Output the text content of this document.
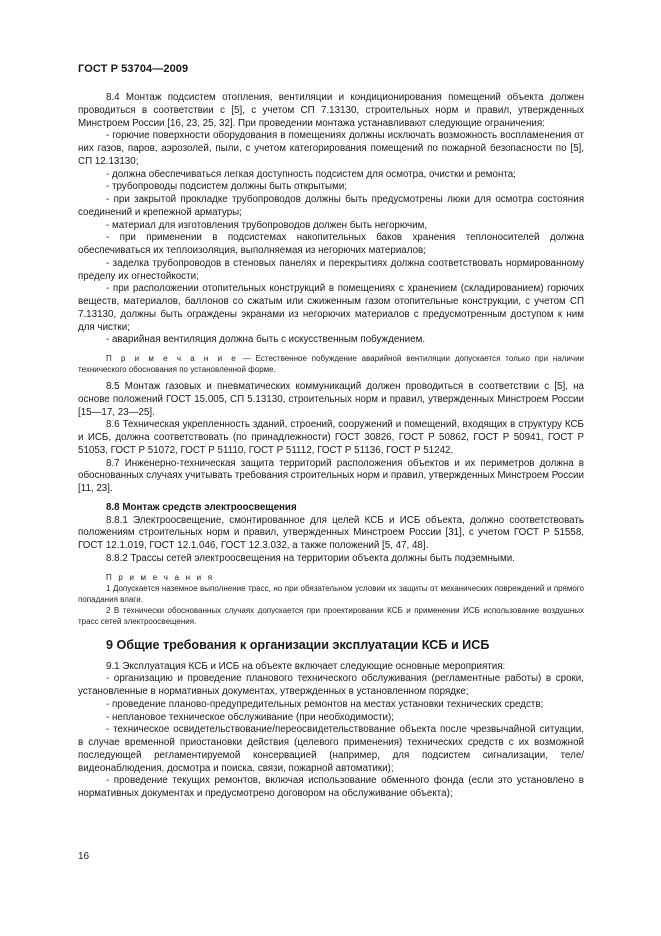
ГОСТ Р 53704—2009

8.4 Монтаж подсистем отопления, вентиляции и кондиционирования помещений объекта должен проводиться в соответствии с [5], с учетом СП 7.13130, строительных норм и правил, утвержденных Минстроем России [16, 23, 25, 32]. При проведении монтажа устанавливают следующие ограничения:

- горючие поверхности оборудования в помещениях должны исключать возможность воспламенения от них газов, паров, аэрозолей, пыли, с учетом категорирования помещений по пожарной безопасности по [5], СП 12.13130;

- должна обеспечиваться легкая доступность подсистем для осмотра, очистки и ремонта;

- трубопроводы подсистем должны быть открытыми;

- при закрытой прокладке трубопроводов должны быть предусмотрены люки для осмотра состояния соединений и крепежной арматуры;

- материал для изготовления трубопроводов должен быть негорючим,

- при применении в подсистемах накопительных баков хранения теплоносителей должна обеспечиваться их теплоизоляция, выполняемая из негорючих материалов;

- заделка трубопроводов в стеновых панелях и перекрытиях должна соответствовать нормированному пределу их огнестойкости;

- при расположении отопительных конструкций в помещениях с хранением (складированием) горючих веществ, материалов, баллонов со сжатым или сжиженным газом отопительные конструкции, с учетом СП 7.13130, должны быть ограждены экранами из негорючих материалов с предусмотренным доступом к ним для чистки;

- аварийная вентиляция должна быть с искусственным побуждением.

П р и м е ч а н и е — Естественное побуждение аварийной вентиляции допускается только при наличии технического обоснования по установленной форме.

8.5 Монтаж газовых и пневматических коммуникаций должен проводиться в соответствии с [5], на основе положений ГОСТ 15.005, СП 5.13130, строительных норм и правил, утвержденных Минстроем России [15—17, 23—25].

8.6 Техническая укрепленность зданий, строений, сооружений и помещений, входящих в структуру КСБ и ИСБ, должна соответствовать (по принадлежности) ГОСТ 30826, ГОСТ Р 50862, ГОСТ Р 50941, ГОСТ Р 51053, ГОСТ Р 51072, ГОСТ Р 51110, ГОСТ Р 51112, ГОСТ Р 51136, ГОСТ Р 51242.

8.7 Инженерно-техническая защита территорий расположения объектов и их периметров должна в обоснованных случаях учитывать требования строительных норм и правил, утвержденных Минстроем России [11, 23].

8.8 Монтаж средств электроосвещения

8.8.1 Электроосвещение, смонтированное для целей КСБ и ИСБ объекта, должно соответствовать положениям строительных норм и правил, утвержденных Минстроем России [31], с учетом ГОСТ Р 51558, ГОСТ 12.1.019, ГОСТ 12.1.046, ГОСТ 12.3.032, а также положений [5, 47, 48].

8.8.2 Трассы сетей электроосвещения на территории объекта должны быть подземными.

П р и м е ч а н и я

1 Допускается наземное выполнение трасс, но при обязательном условии их защиты от механических повреждений и прямого попадания влаги.

2 В технически обоснованных случаях допускается при проектировании КСБ и применении ИСБ использование воздушных трасс сетей электроосвещения.

9 Общие требования к организации эксплуатации КСБ и ИСБ

9.1 Эксплуатация КСБ и ИСБ на объекте включает следующие основные мероприятия:

- организацию и проведение планового технического обслуживания (регламентные работы) в сроки, установленные в нормативных документах, утвержденных в установленном порядке;

- проведение планово-предупредительных ремонтов на местах установки технических средств;

- неплановое техническое обслуживание (при необходимости);

- техническое освидетельствование/переосвидетельствование объекта после чрезвычайной ситуации, в случае временной приостановки действия (целевого применения) технических средств с их возможной последующей регламентируемой консервацией (например, для подсистем сигнализации, теле/видеонаблюдения, досмотра и поиска, связи, пожарной автоматики);

- проведение текущих ремонтов, включая использование обменного фонда (если это установлено в нормативных документах и предусмотрено договором на обслуживание объекта);

16
